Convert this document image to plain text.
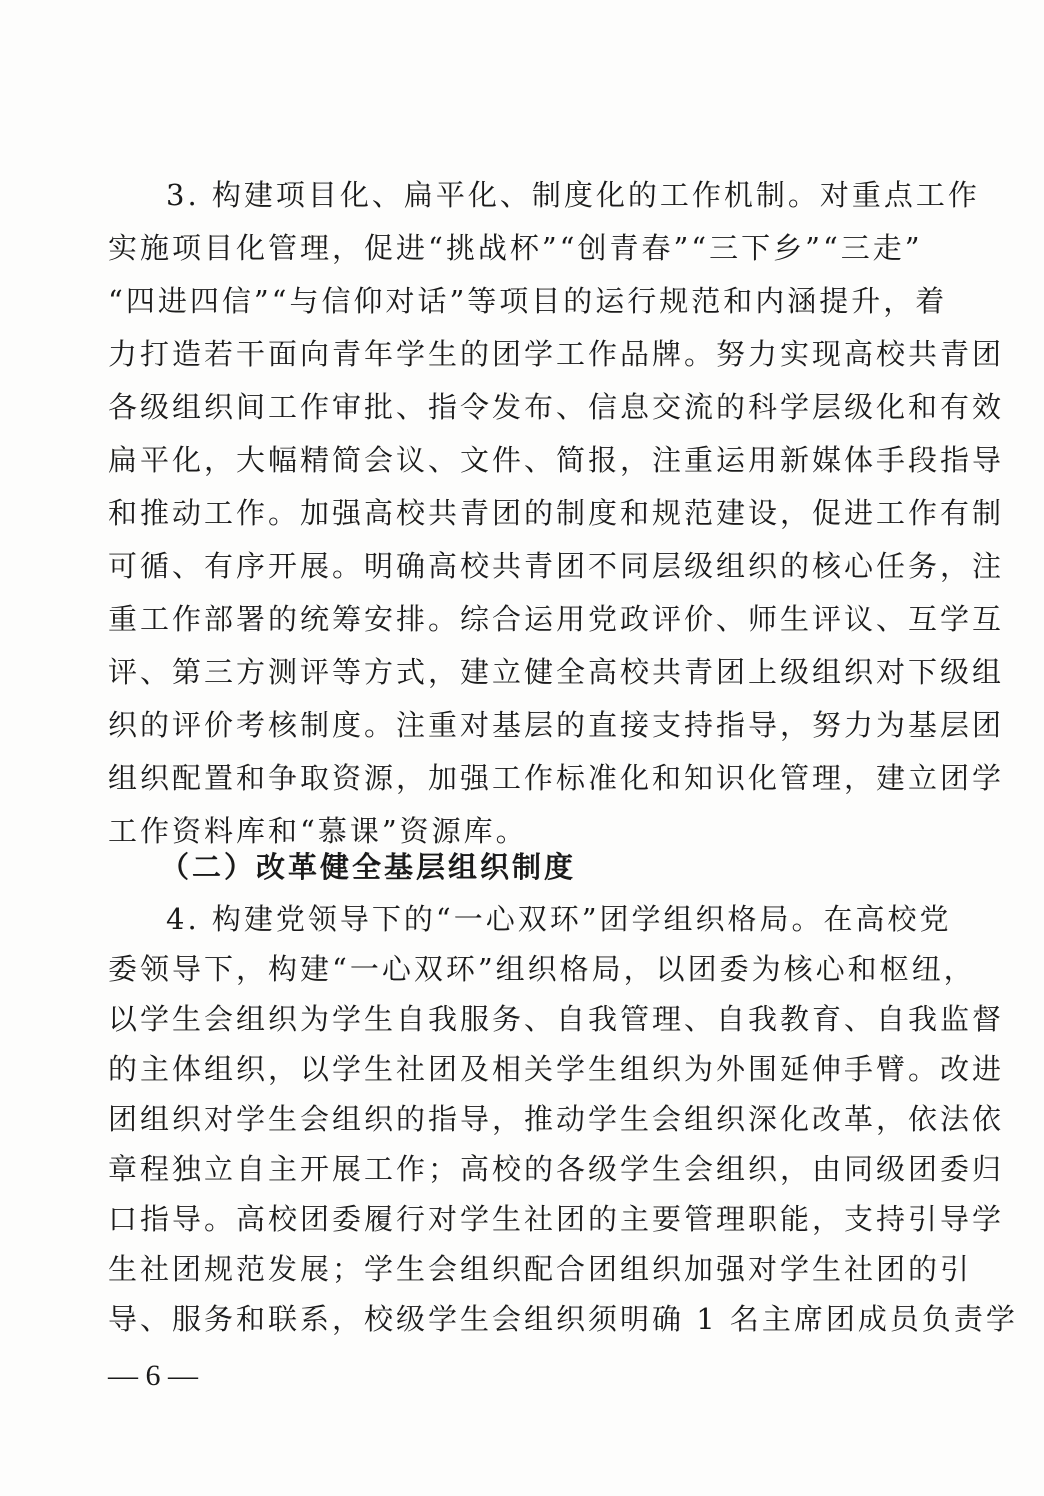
3. 构建项目化、扁平化、制度化的工作机制。对重点工作
实施项目化管理，促进“挑战杯”“创青春”“三下乡”“三走”
“四进四信”“与信仰对话”等项目的运行规范和内涵提升，着
力打造若干面向青年学生的团学工作品牌。努力实现高校共青团
各级组织间工作审批、指令发布、信息交流的科学层级化和有效
扁平化，大幅精简会议、文件、简报，注重运用新媒体手段指导
和推动工作。加强高校共青团的制度和规范建设，促进工作有制
可循、有序开展。明确高校共青团不同层级组织的核心任务，注
重工作部署的统筹安排。综合运用党政评价、师生评议、互学互
评、第三方测评等方式，建立健全高校共青团上级组织对下级组
织的评价考核制度。注重对基层的直接支持指导，努力为基层团
组织配置和争取资源，加强工作标准化和知识化管理，建立团学
工作资料库和“慕课”资源库。
（二）改革健全基层组织制度
4. 构建党领导下的“一心双环”团学组织格局。在高校党
委领导下，构建“一心双环”组织格局，以团委为核心和枢纽，
以学生会组织为学生自我服务、自我管理、自我教育、自我监督
的主体组织，以学生社团及相关学生组织为外围延伸手臂。改进
团组织对学生会组织的指导，推动学生会组织深化改革，依法依
章程独立自主开展工作；高校的各级学生会组织，由同级团委归
口指导。高校团委履行对学生社团的主要管理职能，支持引导学
生社团规范发展；学生会组织配合团组织加强对学生社团的引
— 6 —
导、服务和联系，校级学生会组织须明确 1 名主席团成员负责学
